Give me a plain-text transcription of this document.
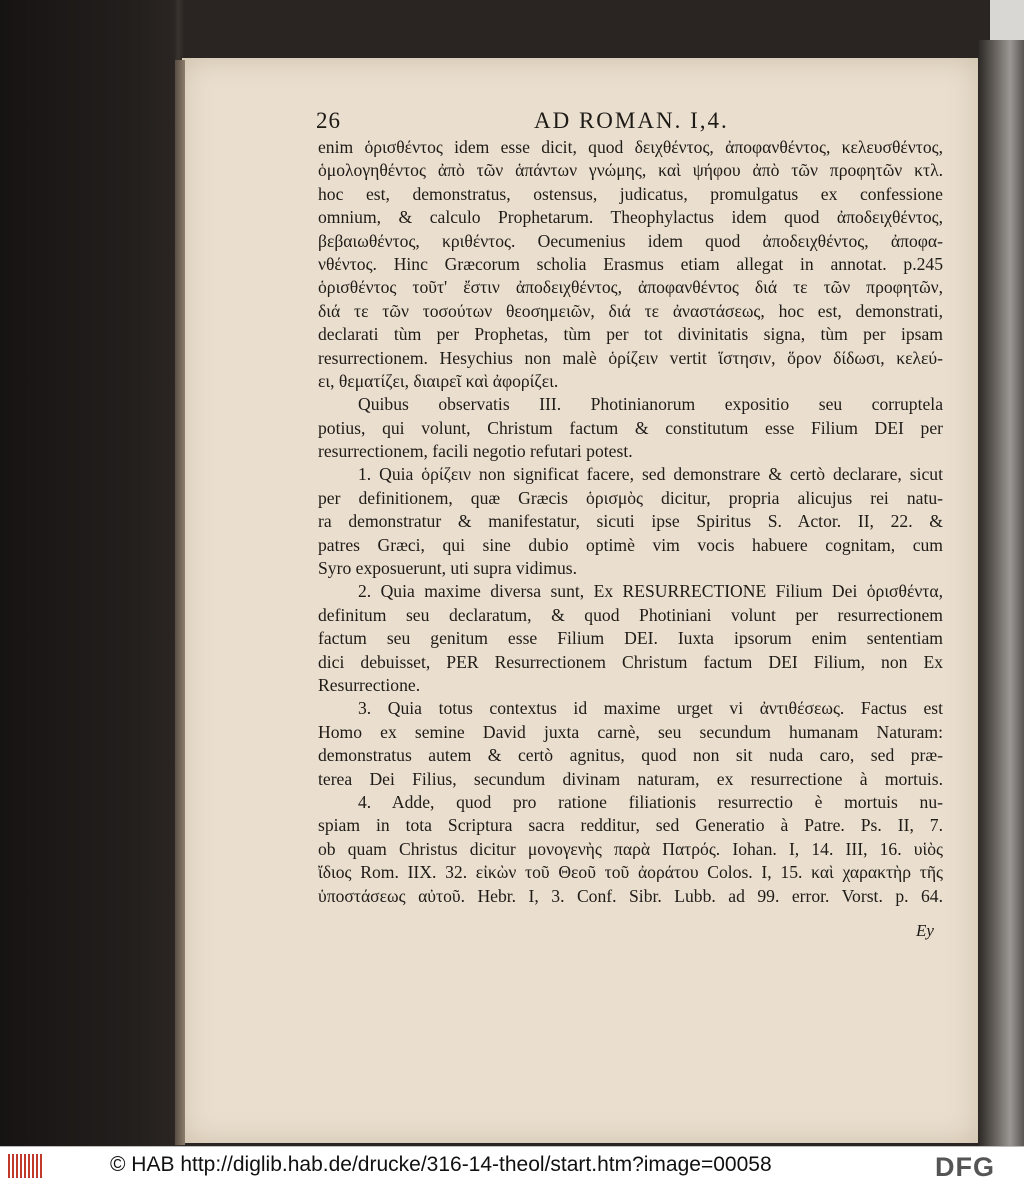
26	AD ROMAN. I,4.
enim ὁρισθέντος idem esse dicit, quod δειχθέντος, ἀποφανθέντος, κελευσθέντος,
ὁμολογηθέντος ἀπὸ τῶν ἁπάντων γνώμης, καὶ ψήφου ἀπὸ τῶν προφητῶν κτλ.
hoc est, demonstratus, ostensus, judicatus, promulgatus ex confessione
omnium, & calculo Prophetarum. Theophylactus idem quod ἀποδειχθέντος,
βεβαιωθέντος, κριθέντος. Oecumenius idem quod ἀποδειχθέντος, ἀποφα-
νθέντος. Hinc Græcorum scholia Erasmus etiam allegat in annotat. p.245
ὁρισθέντος τοῦτ' ἔστιν ἀποδειχθέντος, ἀποφανθέντος διά τε τῶν προφητῶν,
διά τε τῶν τοσούτων θεοσημειῶν, διά τε ἀναστάσεως, hoc est, demonstrati,
declarati tùm per Prophetas, tùm per tot divinitatis signa, tùm per ipsam
resurrectionem. Hesychius non malè ὁρίζειν vertit ἵστησιν, ὅρον δίδωσι, κελεύ-
ει, θεματίζει, διαιρεῖ καὶ ἀφορίζει.
Quibus observatis III. Photinianorum expositio seu corruptela
potius, qui volunt, Christum factum & constitutum esse Filium DEI per
resurrectionem, facili negotio refutari potest.
1. Quia ὁρίζειν non significat facere, sed demonstrare & certò declarare, sicut
per definitionem, quæ Græcis ὁρισμὸς dicitur, propria alicujus rei natu-
ra demonstratur & manifestatur, sicuti ipse Spiritus S. Actor. II, 22. &
patres Græci, qui sine dubio optimè vim vocis habuere cognitam, cum
Syro exposuerunt, uti supra vidimus.
2. Quia maxime diversa sunt, Ex RESURRECTIONE Filium Dei ὁρισθέντα,
definitum seu declaratum, & quod Photiniani volunt per resurrectionem
factum seu genitum esse Filium DEI. Iuxta ipsorum enim sententiam
dici debuisset, PER Resurrectionem Christum factum DEI Filium, non Ex
Resurrectione.
3. Quia totus contextus id maxime urget vi ἀντιθέσεως. Factus est
Homo ex semine David juxta carnè, seu secundum humanam Naturam:
demonstratus autem & certò agnitus, quod non sit nuda caro, sed præ-
terea Dei Filius, secundum divinam naturam, ex resurrectione à mortuis.
4. Adde, quod pro ratione filiationis resurrectio è mortuis nu-
spiam in tota Scriptura sacra redditur, sed Generatio à Patre. Ps. II, 7.
ob quam Christus dicitur μονογενὴς παρὰ Πατρός. Iohan. I, 14. III, 16. υἱὸς
ἴδιος Rom. IIX. 32. εἰκὼν τοῦ Θεοῦ τοῦ ἀοράτου Colos. I, 15. καὶ χαρακτὴρ τῆς
ὑποστάσεως αὐτοῦ. Hebr. I, 3. Conf. Sibr. Lubb. ad 99. error. Vorst. p. 64.
Ey
© HAB http://diglib.hab.de/drucke/316-14-theol/start.htm?image=00058	DFG
